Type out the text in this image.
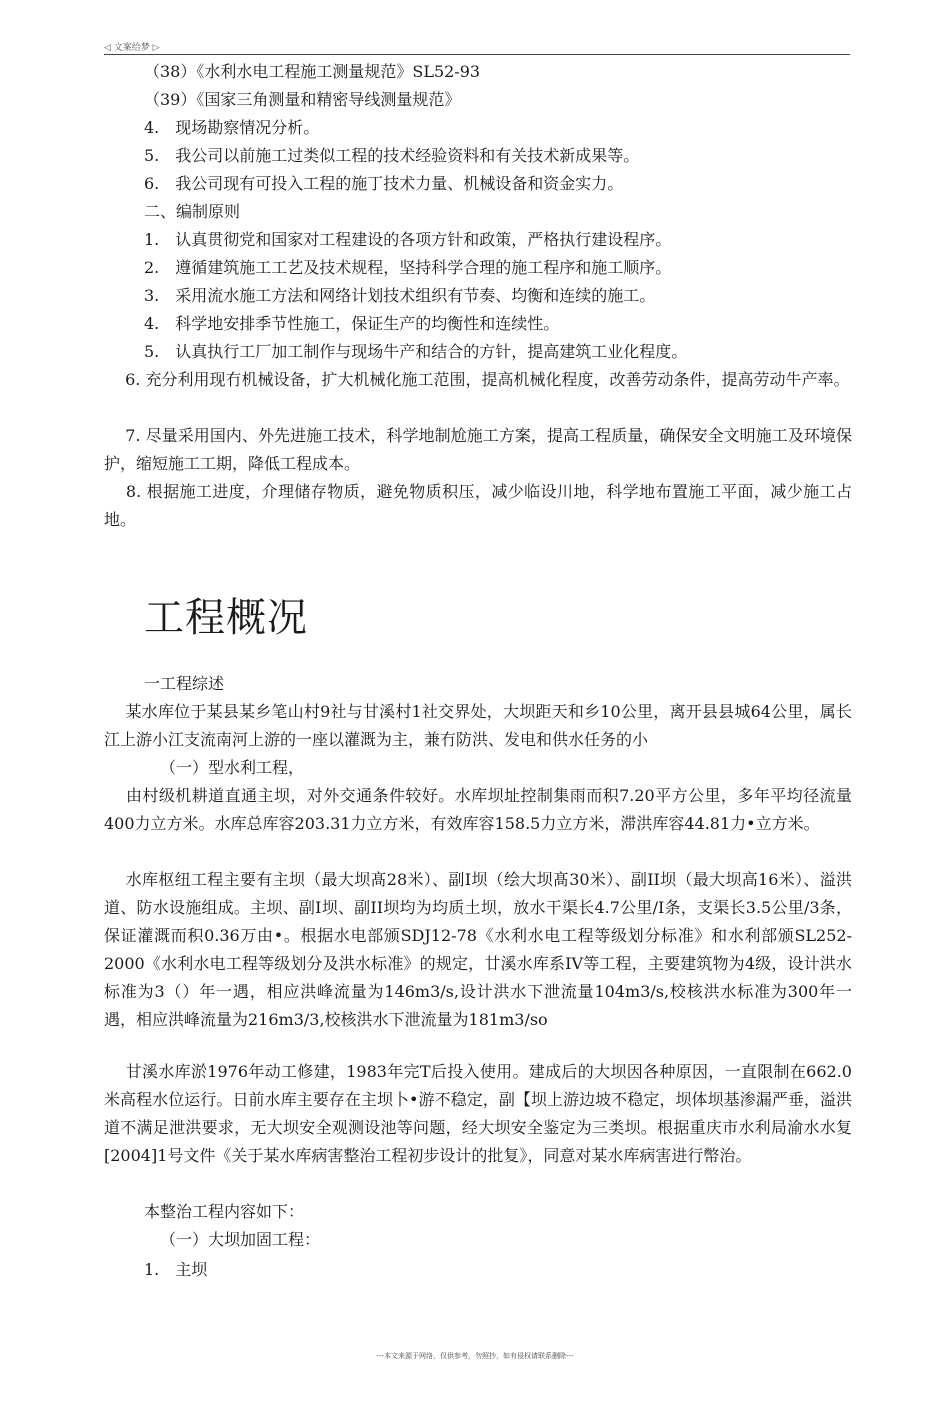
◁ 文案给梦 ▷
（38）《水利水电工程施工测量规范》SL52-93
（39）《国家三角测量和精密导线测量规范》
4.　现场勘察情况分析。
5.　我公司以前施工过类似工程的技术经验资料和有关技术新成果等。
6.　我公司现有可投入工程的施丁技术力量、机械设备和资金实力。
二、编制原则
1.　认真贯彻党和国家对工程建设的各项方针和政策，严格执行建设程序。
2.　遵循建筑施工工艺及技术规程，坚持科学合理的施工程序和施工顺序。
3.　采用流水施工方法和网络计划技术组织有节奏、均衡和连续的施工。
4.　科学地安排季节性施工，保证生产的均衡性和连续性。
5.　认真执行工厂加工制作与现场牛产和结合的方针，提高建筑工业化程度。
　 6. 充分利用现冇机械设备，扩大机械化施工范围，提高机械化程度，改善劳动条件，提高劳动牛产率。
　 7. 尽量采用国内、外先进施工技术，科学地制尬施工方案，提高工程质量，确保安全文明施工及环境保护，缩短施工工期，降低工程成本。
　 8. 根据施工进度，介理储存物质，避免物质积压，减少临设川地，科学地布置施工平面，减少施工占地。
工程概况
一工程综述
　 某水库位于某县某乡笔山村9社与甘溪村1社交界处，大坝距天和乡10公里，离开县县城64公里，属长江上游小江支流南河上游的一座以灌溉为主，兼冇防洪、发电和供水任务的小
（一）型水利工程，
　 由村级机耕道直通主坝，对外交通条件较好。水库坝址控制集雨而积7.20平方公里，多年平均径流量400力立方米。水库总库容203.31力立方米，有效库容158.5力立方米，滞洪库容44.81力•立方米。
　 水库枢纽工程主要有主坝（最大坝髙28米）、副I坝（绘大坝髙30米）、副II坝（最大坝高16米）、溢洪道、防水设施组成。主坝、副I坝、副II坝均为均质土坝，放水干渠长4.7公里/I条，支渠长3.5公里/3条，保证灌溉而积0.36万由•。根据水电部颁SDJ12-78《水利水电工程等级划分标准》和水利部颁SL252-2000《水利水电工程等级划分及洪水标准》的规定，廿溪水库系IV等工程，主要建筑物为4级，设计洪水标准为3（）年一遇，相应洪峰流量为146m3/s,设计洪水下泄流量104m3/s,校核洪水标准为300年一遇，相应洪峰流量为216m3/3,校核洪水下泄流量为181m3/so
　 甘溪水库淤1976年动工修建，1983年完T后投入使用。建成后的大坝因各种原因，一直限制在662.0米高程水位运行。日前水库主要存在主坝卜•游不稳定，副【坝上游边坡不稳定，坝体坝基渗漏严垂，溢洪道不满足泄洪要求，无大坝安全观测设池等问题，经大坝安全鉴定为三类坝。根据重庆市水利局渝水水复[2004]1号文件《关于某水库病害整治工程初步设计的批复》，同意对某水库病害进行幣治。
本整治工程内容如下：
（一）大坝加固工程：
1.　主坝
---本文来源于网络，仅供参考，勿照抄，如有侵权请联系删除---
